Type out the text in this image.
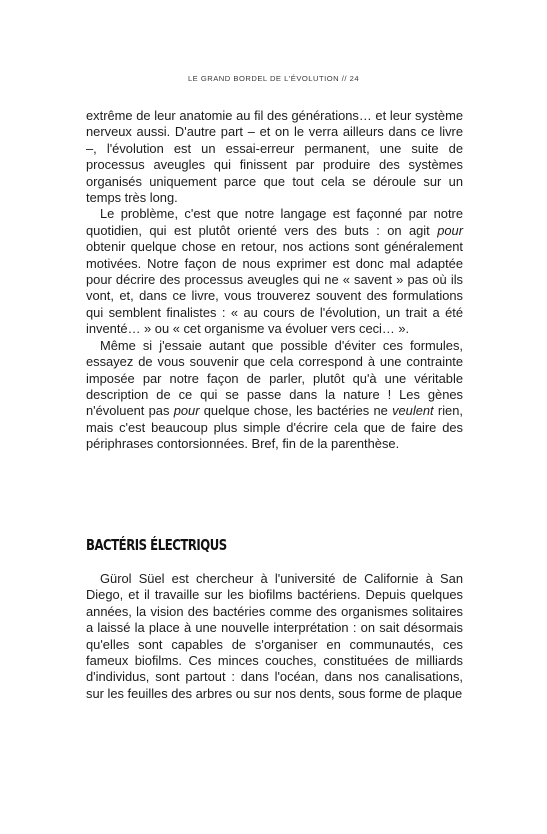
LE GRAND BORDEL DE L'ÉVOLUTION // 24

extrême de leur anatomie au fil des générations… et leur système nerveux aussi. D'autre part – et on le verra ailleurs dans ce livre –, l'évolution est un essai-erreur permanent, une suite de processus aveugles qui finissent par produire des systèmes organisés uniquement parce que tout cela se déroule sur un temps très long.

Le problème, c'est que notre langage est façonné par notre quotidien, qui est plutôt orienté vers des buts : on agit pour obtenir quelque chose en retour, nos actions sont généralement motivées. Notre façon de nous exprimer est donc mal adaptée pour décrire des processus aveugles qui ne « savent » pas où ils vont, et, dans ce livre, vous trouverez souvent des formulations qui semblent finalistes : « au cours de l'évolution, un trait a été inventé… » ou « cet organisme va évoluer vers ceci… ».

Même si j'essaie autant que possible d'éviter ces formules, essayez de vous souvenir que cela correspond à une contrainte imposée par notre façon de parler, plutôt qu'à une véritable description de ce qui se passe dans la nature ! Les gènes n'évoluent pas pour quelque chose, les bactéries ne veulent rien, mais c'est beaucoup plus simple d'écrire cela que de faire des périphrases contorsionnées. Bref, fin de la parenthèse.

BACTÉRIS ÉLECTRIQUS

Gürol Süel est chercheur à l'université de Californie à San Diego, et il travaille sur les biofilms bactériens. Depuis quelques années, la vision des bactéries comme des organismes solitaires a laissé la place à une nouvelle interprétation : on sait désormais qu'elles sont capables de s'organiser en communautés, ces fameux biofilms. Ces minces couches, constituées de milliards d'individus, sont partout : dans l'océan, dans nos canalisations, sur les feuilles des arbres ou sur nos dents, sous forme de plaque
